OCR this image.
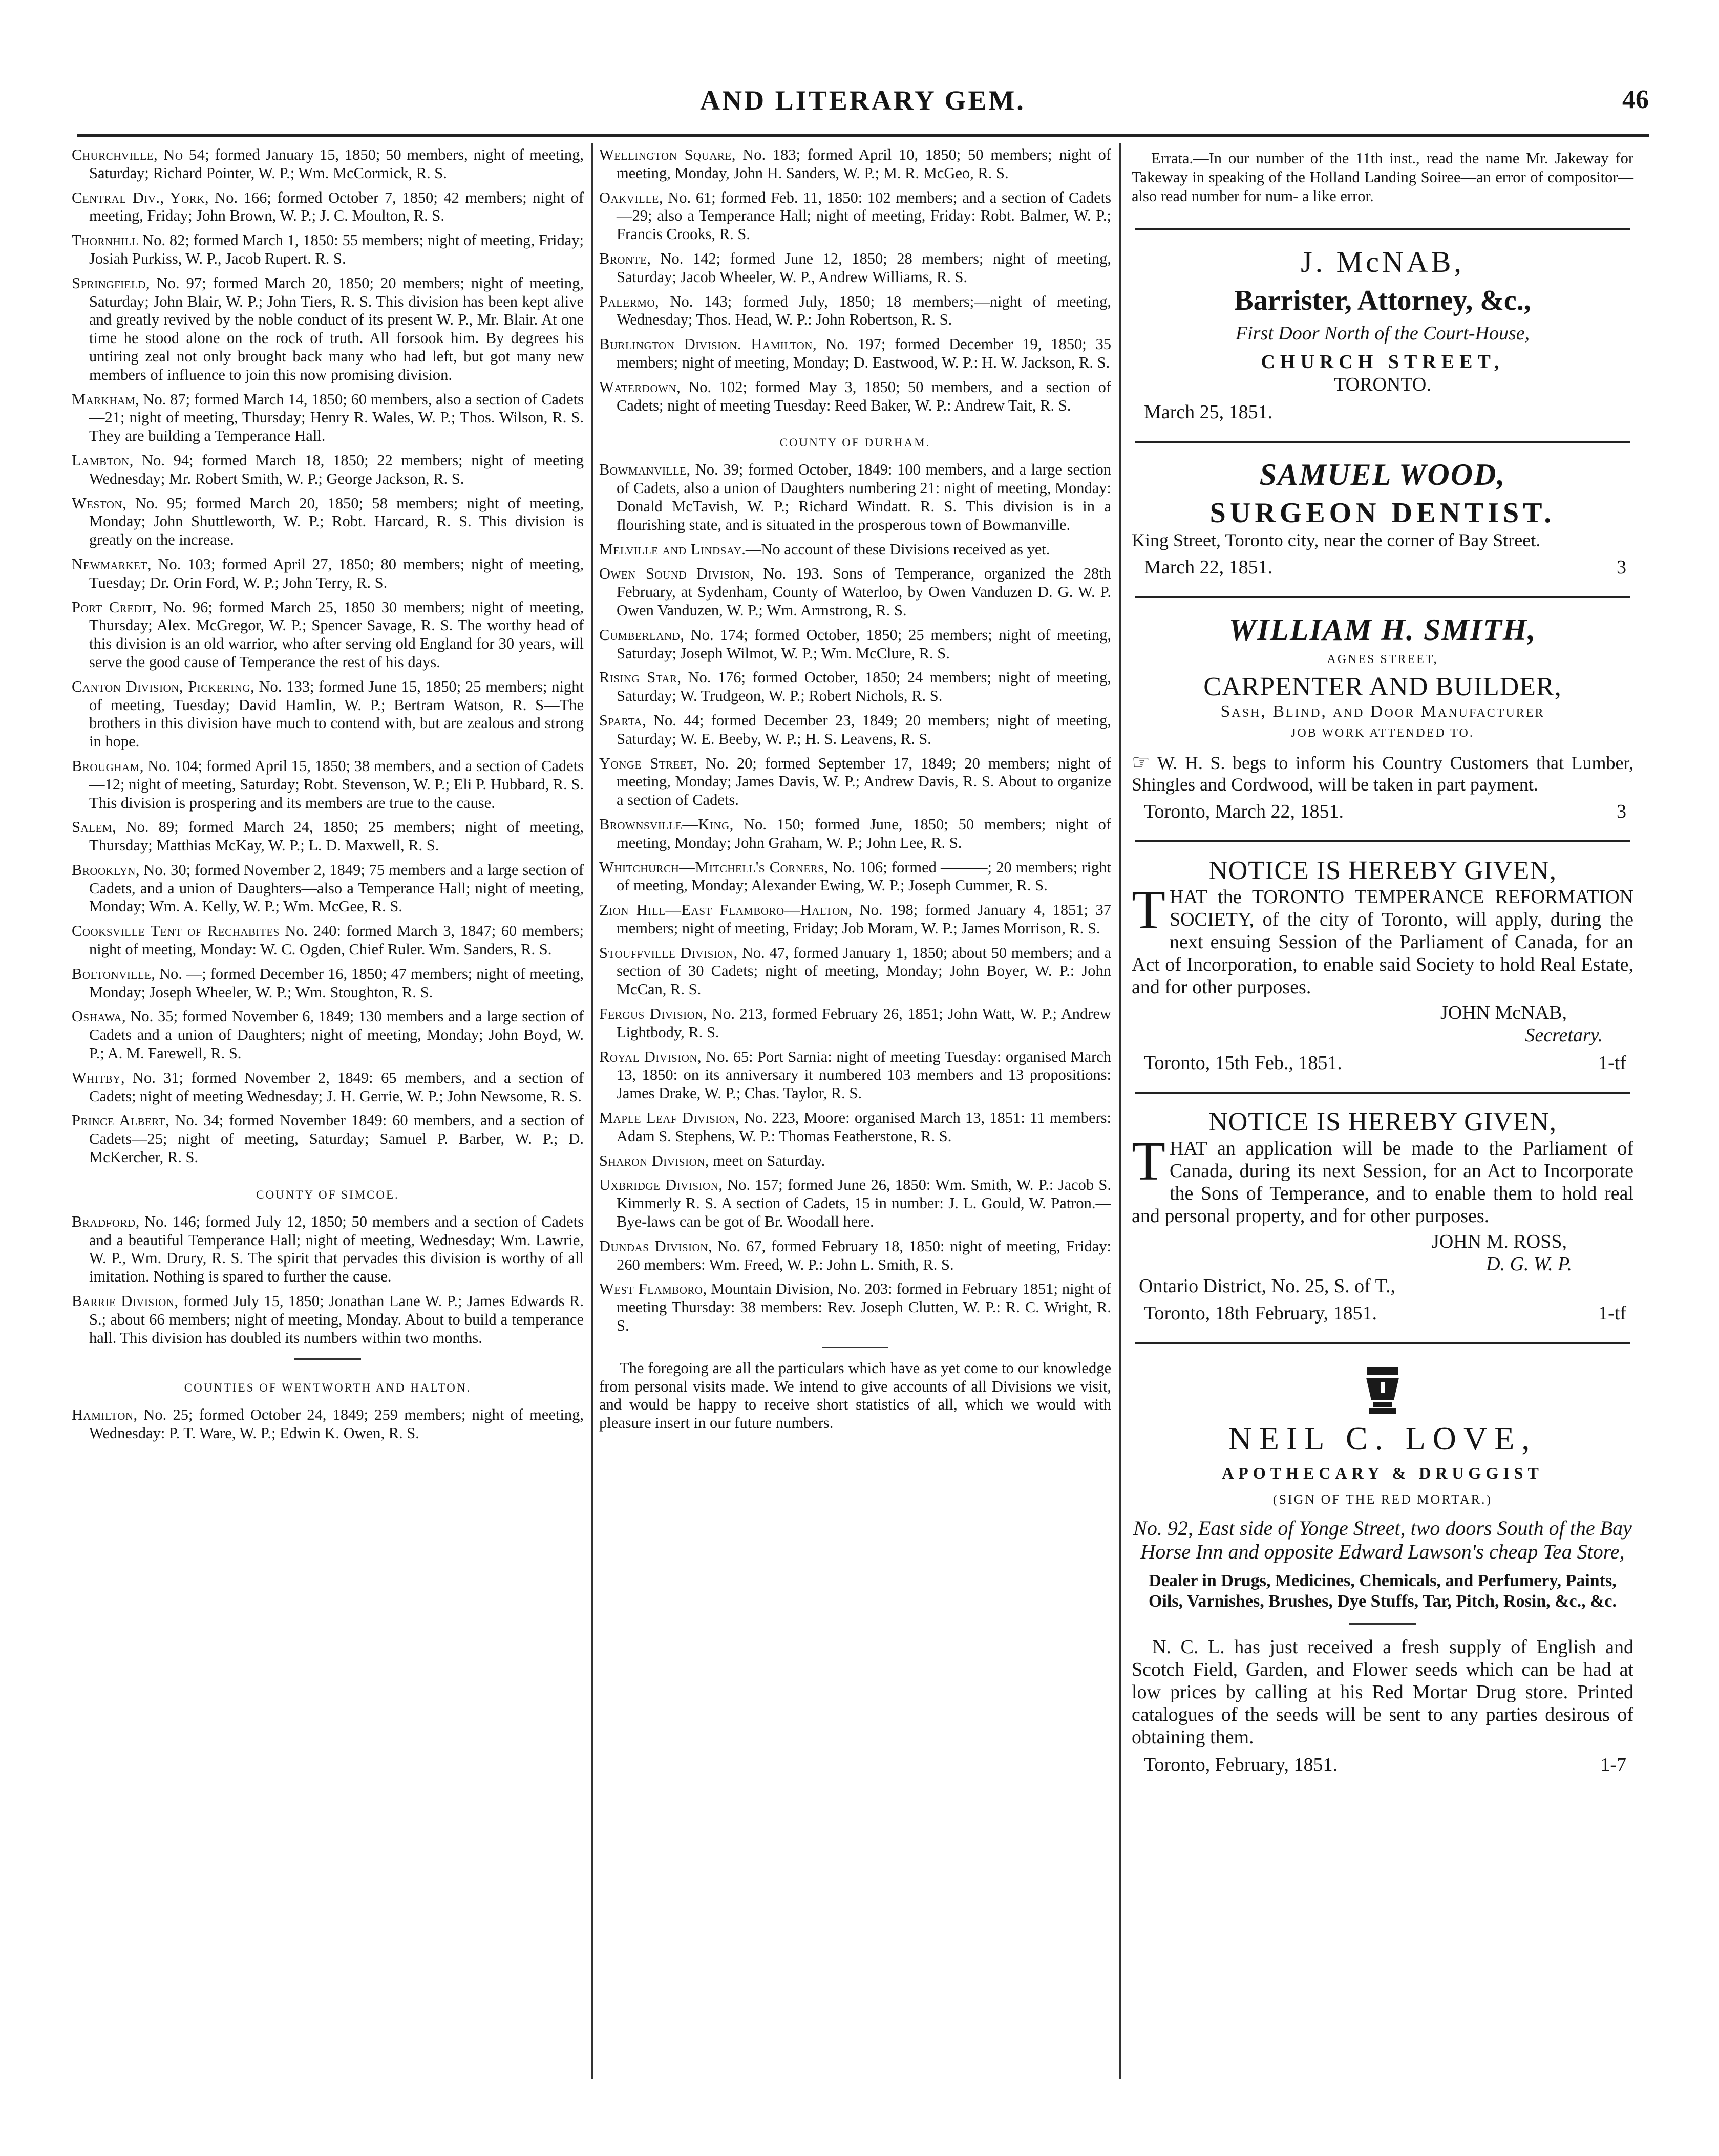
AND LITERARY GEM.	46
Churchville, No 54; formed January 15, 1850; 50 members, night of meeting, Saturday; Richard Pointer, W. P.; Wm. McCormick, R. S.
Central Div., York, No. 166; formed October 7, 1850; 42 members; night of meeting, Friday; John Brown, W. P.; J. C. Moulton, R. S.
Thornhill No. 82; formed March 1, 1850: 55 members; night of meeting, Friday; Josiah Purkiss, W. P., Jacob Rupert. R. S.
Springfield, No. 97; formed March 20, 1850; 20 members; night of meeting, Saturday; John Blair, W. P.; John Tiers, R. S. This division has been kept alive and greatly revived by the noble conduct of its present W. P., Mr. Blair. At one time he stood alone on the rock of truth. All forsook him. By degrees his untiring zeal not only brought back many who had left, but got many new members of influence to join this now promising division.
Markham, No. 87; formed March 14, 1850; 60 members, also a section of Cadets—21; night of meeting, Thursday; Henry R. Wales, W. P.; Thos. Wilson, R. S. They are building a Temperance Hall.
Lambton, No. 94; formed March 18, 1850; 22 members; night of meeting Wednesday; Mr. Robert Smith, W. P.; George Jackson, R. S.
Weston, No. 95; formed March 20, 1850; 58 members; night of meeting, Monday; John Shuttleworth, W. P.; Robt. Harcard, R. S. This division is greatly on the increase.
Newmarket, No. 103; formed April 27, 1850; 80 members; night of meeting, Tuesday; Dr. Orin Ford, W. P.; John Terry, R. S.
Port Credit, No. 96; formed March 25, 1850 30 members; night of meeting, Thursday; Alex. McGregor, W. P.; Spencer Savage, R. S. The worthy head of this division is an old warrior, who after serving old England for 30 years, will serve the good cause of Temperance the rest of his days.
Canton Division, Pickering, No. 133; formed June 15, 1850; 25 members; night of meeting, Tuesday; David Hamlin, W. P.; Bertram Watson, R. S—The brothers in this division have much to contend with, but are zealous and strong in hope.
Brougham, No. 104; formed April 15, 1850; 38 members, and a section of Cadets—12; night of meeting, Saturday; Robt. Stevenson, W. P.; Eli P. Hubbard, R. S. This division is prospering and its members are true to the cause.
Salem, No. 89; formed March 24, 1850; 25 members; night of meeting, Thursday; Matthias McKay, W. P.; L. D. Maxwell, R. S.
Brooklyn, No. 30; formed November 2, 1849; 75 members and a large section of Cadets, and a union of Daughters—also a Temperance Hall; night of meeting, Monday; Wm. A. Kelly, W. P.; Wm. McGee, R. S.
Cooksville Tent of Rechabites No. 240: formed March 3, 1847; 60 members; night of meeting, Monday: W. C. Ogden, Chief Ruler. Wm. Sanders, R. S.
Boltonville, No. —; formed December 16, 1850; 47 members; night of meeting, Monday; Joseph Wheeler, W. P.; Wm. Stoughton, R. S.
Oshawa, No. 35; formed November 6, 1849; 130 members and a large section of Cadets and a union of Daughters; night of meeting, Monday; John Boyd, W. P.; A. M. Farewell, R. S.
Whitby, No. 31; formed November 2, 1849: 65 members, and a section of Cadets; night of meeting Wednesday; J. H. Gerrie, W. P.; John Newsome, R. S.
Prince Albert, No. 34; formed November 1849: 60 members, and a section of Cadets—25; night of meeting, Saturday; Samuel P. Barber, W. P.; D. McKercher, R. S.
COUNTY OF SIMCOE.
Bradford, No. 146; formed July 12, 1850; 50 members and a section of Cadets and a beautiful Temperance Hall; night of meeting, Wednesday; Wm. Lawrie, W. P., Wm. Drury, R. S. The spirit that pervades this division is worthy of all imitation. Nothing is spared to further the cause.
Barrie Division, formed July 15, 1850; Jonathan Lane W. P.; James Edwards R. S.; about 66 members; night of meeting, Monday. About to build a temperance hall. This division has doubled its numbers within two months.
COUNTIES OF WENTWORTH AND HALTON.
Hamilton, No. 25; formed October 24, 1849; 259 members; night of meeting, Wednesday: P. T. Ware, W. P.; Edwin K. Owen, R. S.
Wellington Square, No. 183; formed April 10, 1850; 50 members; night of meeting, Monday, John H. Sanders, W. P.; M. R. McGeo, R. S.
Oakville, No. 61; formed Feb. 11, 1850: 102 members; and a section of Cadets—29; also a Temperance Hall; night of meeting, Friday: Robt. Balmer, W. P.; Francis Crooks, R. S.
Bronte, No. 142; formed June 12, 1850; 28 members; night of meeting, Saturday; Jacob Wheeler, W. P., Andrew Williams, R. S.
Palermo, No. 143; formed July, 1850; 18 members;—night of meeting, Wednesday; Thos. Head, W. P.: John Robertson, R. S.
Burlington Division. Hamilton, No. 197; formed December 19, 1850; 35 members; night of meeting, Monday; D. Eastwood, W. P.: H. W. Jackson, R. S.
Waterdown, No. 102; formed May 3, 1850; 50 members, and a section of Cadets; night of meeting Tuesday: Reed Baker, W. P.: Andrew Tait, R. S.
COUNTY OF DURHAM.
Bowmanville, No. 39; formed October, 1849: 100 members, and a large section of Cadets, also a union of Daughters numbering 21: night of meeting, Monday: Donald McTavish, W. P.; Richard Windatt. R. S. This division is in a flourishing state, and is situated in the prosperous town of Bowmanville.
Melville and Lindsay.—No account of these Divisions received as yet.
Owen Sound Division, No. 193. Sons of Temperance, organized the 28th February, at Sydenham, County of Waterloo, by Owen Vanduzen D. G. W. P. Owen Vanduzen, W. P.; Wm. Armstrong, R. S.
Cumberland, No. 174; formed October, 1850; 25 members; night of meeting, Saturday; Joseph Wilmot, W. P.; Wm. McClure, R. S.
Rising Star, No. 176; formed October, 1850; 24 members; night of meeting, Saturday; W. Trudgeon, W. P.; Robert Nichols, R. S.
Sparta, No. 44; formed December 23, 1849; 20 members; night of meeting, Saturday; W. E. Beeby, W. P.; H. S. Leavens, R. S.
Yonge Street, No. 20; formed September 17, 1849; 20 members; night of meeting, Monday; James Davis, W. P.; Andrew Davis, R. S. About to organize a section of Cadets.
Brownsville—King, No. 150; formed June, 1850; 50 members; night of meeting, Monday; John Graham, W. P.; John Lee, R. S.
Whitchurch—Mitchell's Corners, No. 106; formed ———; 20 members; right of meeting, Monday; Alexander Ewing, W. P.; Joseph Cummer, R. S.
Zion Hill—East Flamboro—Halton, No. 198; formed January 4, 1851; 37 members; night of meeting, Friday; Job Moram, W. P.; James Morrison, R. S.
Stouffville Division, No. 47, formed January 1, 1850; about 50 members; and a section of 30 Cadets; night of meeting, Monday; John Boyer, W. P.: John McCan, R. S.
Fergus Division, No. 213, formed February 26, 1851; John Watt, W. P.; Andrew Lightbody, R. S.
Royal Division, No. 65: Port Sarnia: night of meeting Tuesday: organised March 13, 1850: on its anniversary it numbered 103 members and 13 propositions: James Drake, W. P.; Chas. Taylor, R. S.
Maple Leaf Division, No. 223, Moore: organised March 13, 1851: 11 members: Adam S. Stephens, W. P.: Thomas Featherstone, R. S.
Sharon Division, meet on Saturday.
Uxbridge Division, No. 157; formed June 26, 1850: Wm. Smith, W. P.: Jacob S. Kimmerly R. S. A section of Cadets, 15 in number: J. L. Gould, W. Patron.—Bye-laws can be got of Br. Woodall here.
Dundas Division, No. 67, formed February 18, 1850: night of meeting, Friday: 260 members: Wm. Freed, W. P.: John L. Smith, R. S.
West Flamboro, Mountain Division, No. 203: formed in February 1851; night of meeting Thursday: 38 members: Rev. Joseph Clutten, W. P.: R. C. Wright, R. S.
The foregoing are all the particulars which have as yet come to our knowledge from personal visits made. We intend to give accounts of all Divisions we visit, and would be happy to receive short statistics of all, which we would with pleasure insert in our future numbers.
Errata.—In our number of the 11th inst., read the name Mr. Jakeway for Takeway in speaking of the Holland Landing Soiree—an error of compositor—also read number for num- a like error.
J. McNAB,
Barrister, Attorney, &c.,
First Door North of the Court-House,
CHURCH STREET,
TORONTO.
March 25, 1851.
SAMUEL WOOD,
SURGEON DENTIST.
King Street, Toronto city, near the corner of Bay Street.
March 22, 1851.	3
WILLIAM H. SMITH,
AGNES STREET,
CARPENTER AND BUILDER,
Sash, Blind, and Door Manufacturer
JOB WORK ATTENDED TO.
☞ W. H. S. begs to inform his Country Customers that Lumber, Shingles and Cordwood, will be taken in part payment.
Toronto, March 22, 1851.	3
NOTICE IS HEREBY GIVEN,
THAT the TORONTO TEMPERANCE REFORMATION SOCIETY, of the city of Toronto, will apply, during the next ensuing Session of the Parliament of Canada, for an Act of Incorporation, to enable said Society to hold Real Estate, and for other purposes.
JOHN McNAB,
Secretary.
Toronto, 15th Feb., 1851.	1-tf
NOTICE IS HEREBY GIVEN,
THAT an application will be made to the Parliament of Canada, during its next Session, for an Act to Incorporate the Sons of Temperance, and to enable them to hold real and personal property, and for other purposes.
JOHN M. ROSS,
D. G. W. P.
Ontario District, No. 25, S. of T.,
Toronto, 18th February, 1851.	1-tf
NEIL C. LOVE,
APOTHECARY & DRUGGIST
(SIGN OF THE RED MORTAR.)
No. 92, East side of Yonge Street, two doors South of the Bay Horse Inn and opposite Edward Lawson's cheap Tea Store,
Dealer in Drugs, Medicines, Chemicals, and Perfumery, Paints, Oils, Varnishes, Brushes, Dye Stuffs, Tar, Pitch, Rosin, &c., &c.
N. C. L. has just received a fresh supply of English and Scotch Field, Garden, and Flower seeds which can be had at low prices by calling at his Red Mortar Drug store. Printed catalogues of the seeds will be sent to any parties desirous of obtaining them.
Toronto, February, 1851.	1-7
